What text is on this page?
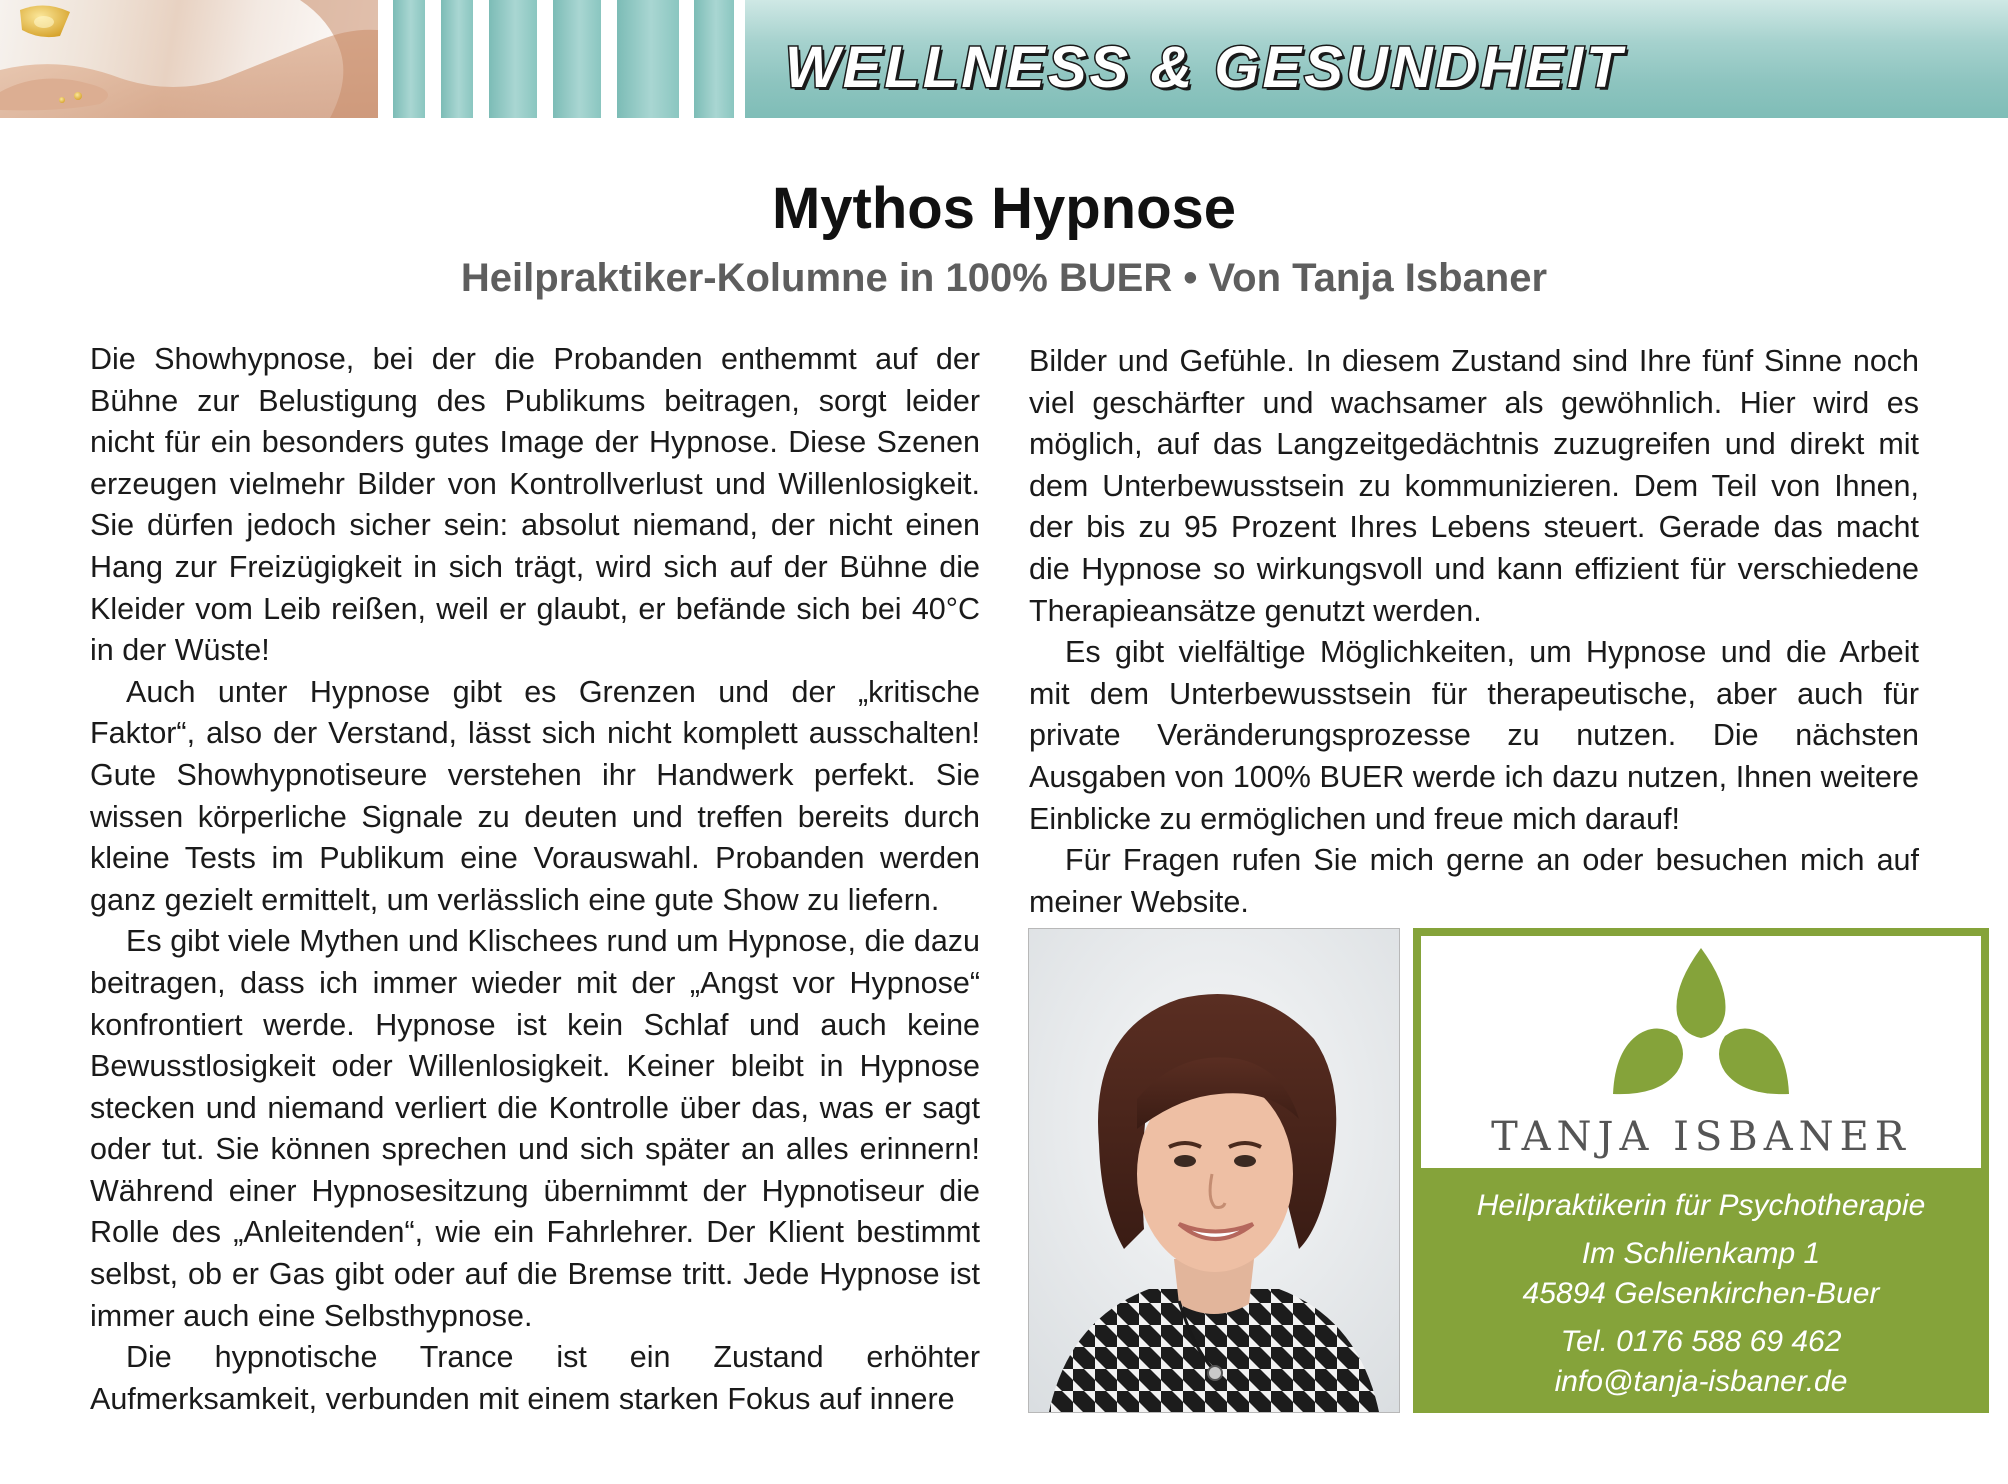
WELLNESS & GESUNDHEIT
Mythos Hypnose
Heilpraktiker-Kolumne in 100% BUER • Von Tanja Isbaner

Die Showhypnose, bei der die Probanden enthemmt auf der Bühne zur Belustigung des Publikums beitragen, sorgt leider nicht für ein besonders gutes Image der Hypnose. Diese Szenen erzeugen vielmehr Bilder von Kontrollverlust und Willenlosigkeit. Sie dürfen jedoch sicher sein: absolut niemand, der nicht einen Hang zur Freizügigkeit in sich trägt, wird sich auf der Bühne die Kleider vom Leib reißen, weil er glaubt, er befände sich bei 40°C in der Wüste!

Auch unter Hypnose gibt es Grenzen und der „kritische Faktor“, also der Verstand, lässt sich nicht komplett ausschalten! Gute Showhypnotiseure verstehen ihr Handwerk perfekt. Sie wissen körperliche Signale zu deuten und treffen bereits durch kleine Tests im Publikum eine Vorauswahl. Probanden werden ganz gezielt ermittelt, um verlässlich eine gute Show zu liefern.

Es gibt viele Mythen und Klischees rund um Hypnose, die dazu beitragen, dass ich immer wieder mit der „Angst vor Hypnose“ konfrontiert werde. Hypnose ist kein Schlaf und auch keine Bewusstlosigkeit oder Willenlosigkeit. Keiner bleibt in Hypnose stecken und niemand verliert die Kontrolle über das, was er sagt oder tut. Sie können sprechen und sich später an alles erinnern! Während einer Hypnosesitzung übernimmt der Hypnotiseur die Rolle des „Anleitenden“, wie ein Fahrlehrer. Der Klient bestimmt selbst, ob er Gas gibt oder auf die Bremse tritt. Jede Hypnose ist immer auch eine Selbsthypnose.

Die hypnotische Trance ist ein Zustand erhöhter Aufmerksamkeit, verbunden mit einem starken Fokus auf innere

Bilder und Gefühle. In diesem Zustand sind Ihre fünf Sinne noch viel geschärfter und wachsamer als gewöhnlich. Hier wird es möglich, auf das Langzeitgedächtnis zuzugreifen und direkt mit dem Unterbewusstsein zu kommunizieren. Dem Teil von Ihnen, der bis zu 95 Prozent Ihres Lebens steuert. Gerade das macht die Hypnose so wirkungsvoll und kann effizient für verschiedene Therapieansätze genutzt werden.

Es gibt vielfältige Möglichkeiten, um Hypnose und die Arbeit mit dem Unterbewusstsein für therapeutische, aber auch für private Veränderungsprozesse zu nutzen. Die nächsten Ausgaben von 100% BUER werde ich dazu nutzen, Ihnen weitere Einblicke zu ermöglichen und freue mich darauf!

Für Fragen rufen Sie mich gerne an oder besuchen mich auf meiner Website.

TANJA ISBANER
Heilpraktikerin für Psychotherapie
Im Schlienkamp 1
45894 Gelsenkirchen-Buer
Tel. 0176 588 69 462
info@tanja-isbaner.de
